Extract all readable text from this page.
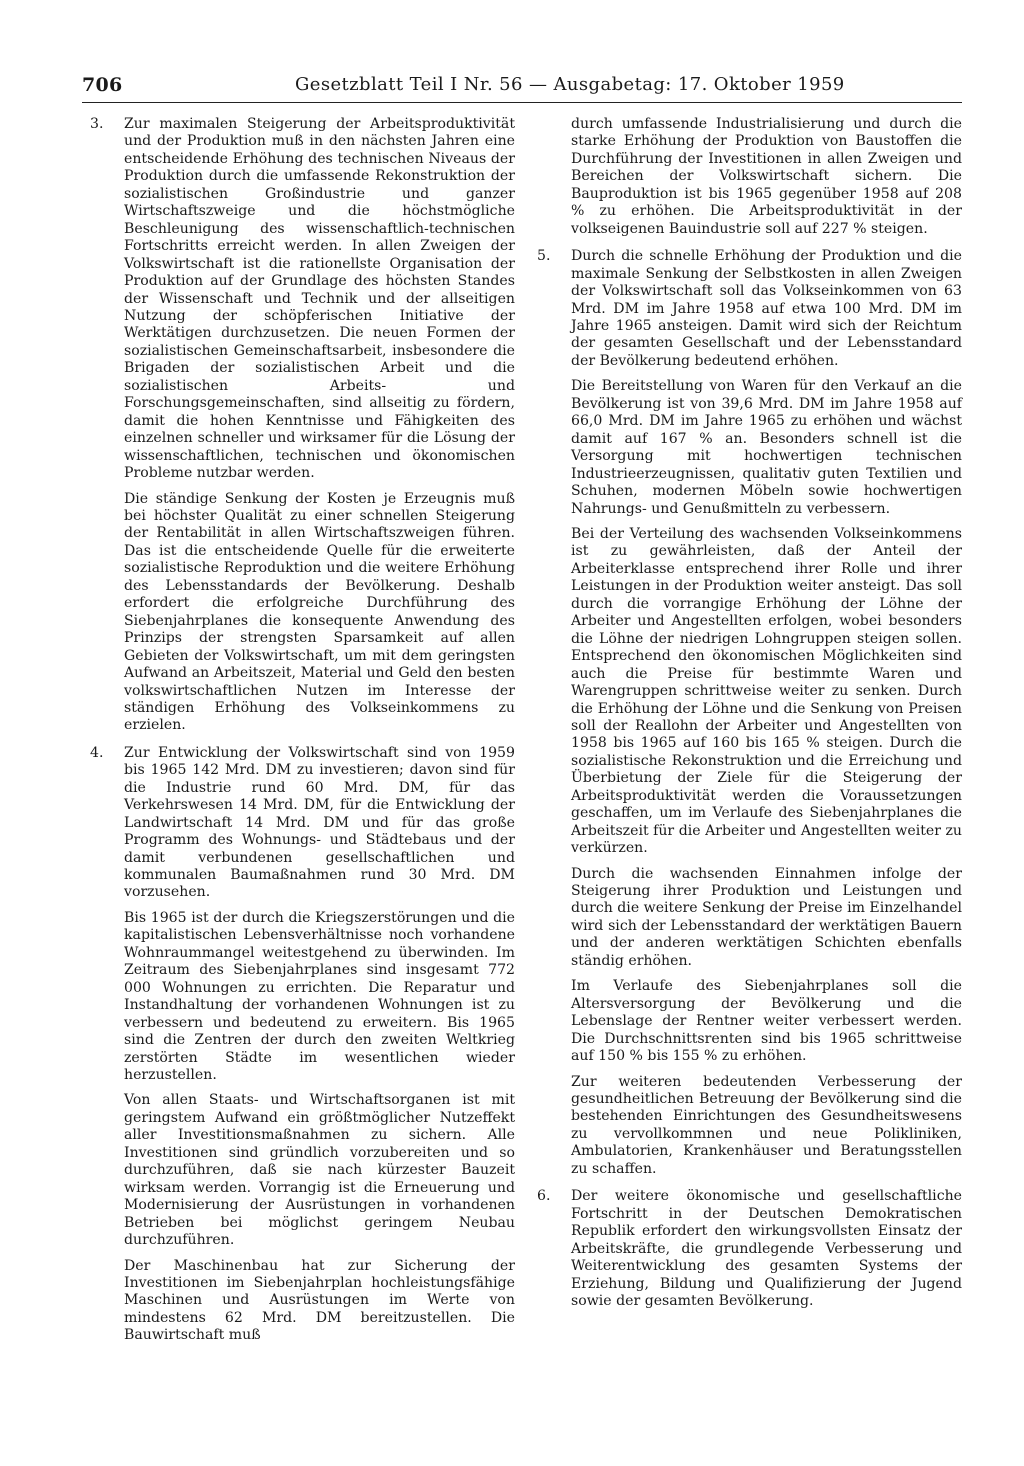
706	Gesetzblatt Teil I Nr. 56 — Ausgabetag: 17. Oktober 1959
3. Zur maximalen Steigerung der Arbeitsproduktivität und der Produktion muß in den nächsten Jahren eine entscheidende Erhöhung des technischen Niveaus der Produktion durch die umfassende Rekonstruktion der sozialistischen Großindustrie und ganzer Wirtschaftszweige und die höchstmögliche Beschleunigung des wissenschaftlich-technischen Fortschritts erreicht werden. In allen Zweigen der Volkswirtschaft ist die rationellste Organisation der Produktion auf der Grundlage des höchsten Standes der Wissenschaft und Technik und der allseitigen Nutzung der schöpferischen Initiative der Werktätigen durchzusetzen. Die neuen Formen der sozialistischen Gemeinschaftsarbeit, insbesondere die Brigaden der sozialistischen Arbeit und die sozialistischen Arbeits- und Forschungsgemeinschaften, sind allseitig zu fördern, damit die hohen Kenntnisse und Fähigkeiten des einzelnen schneller und wirksamer für die Lösung der wissenschaftlichen, technischen und ökonomischen Probleme nutzbar werden.
Die ständige Senkung der Kosten je Erzeugnis muß bei höchster Qualität zu einer schnellen Steigerung der Rentabilität in allen Wirtschaftszweigen führen. Das ist die entscheidende Quelle für die erweiterte sozialistische Reproduktion und die weitere Erhöhung des Lebensstandards der Bevölkerung. Deshalb erfordert die erfolgreiche Durchführung des Siebenjahrplanes die konsequente Anwendung des Prinzips der strengsten Sparsamkeit auf allen Gebieten der Volkswirtschaft, um mit dem geringsten Aufwand an Arbeitszeit, Material und Geld den besten volkswirtschaftlichen Nutzen im Interesse der ständigen Erhöhung des Volkseinkommens zu erzielen.
4. Zur Entwicklung der Volkswirtschaft sind von 1959 bis 1965 142 Mrd. DM zu investieren; davon sind für die Industrie rund 60 Mrd. DM, für das Verkehrswesen 14 Mrd. DM, für die Entwicklung der Landwirtschaft 14 Mrd. DM und für das große Programm des Wohnungs- und Städtebaus und der damit verbundenen gesellschaftlichen und kommunalen Baumaßnahmen rund 30 Mrd. DM vorzusehen.
Bis 1965 ist der durch die Kriegszerstörungen und die kapitalistischen Lebensverhältnisse noch vorhandene Wohnraummangel weitestgehend zu überwinden. Im Zeitraum des Siebenjahrplanes sind insgesamt 772 000 Wohnungen zu errichten. Die Reparatur und Instandhaltung der vorhandenen Wohnungen ist zu verbessern und bedeutend zu erweitern. Bis 1965 sind die Zentren der durch den zweiten Weltkrieg zerstörten Städte im wesentlichen wieder herzustellen.
Von allen Staats- und Wirtschaftsorganen ist mit geringstem Aufwand ein größtmöglicher Nutzeffekt aller Investitionsmaßnahmen zu sichern. Alle Investitionen sind gründlich vorzubereiten und so durchzuführen, daß sie nach kürzester Bauzeit wirksam werden. Vorrangig ist die Erneuerung und Modernisierung der Ausrüstungen in vorhandenen Betrieben bei möglichst geringem Neubau durchzuführen.
Der Maschinenbau hat zur Sicherung der Investitionen im Siebenjahrplan hochleistungsfähige Maschinen und Ausrüstungen im Werte von mindestens 62 Mrd. DM bereitzustellen. Die Bauwirtschaft muß
durch umfassende Industrialisierung und durch die starke Erhöhung der Produktion von Baustoffen die Durchführung der Investitionen in allen Zweigen und Bereichen der Volkswirtschaft sichern. Die Bauproduktion ist bis 1965 gegenüber 1958 auf 208 % zu erhöhen. Die Arbeitsproduktivität in der volkseigenen Bauindustrie soll auf 227 % steigen.
5. Durch die schnelle Erhöhung der Produktion und die maximale Senkung der Selbstkosten in allen Zweigen der Volkswirtschaft soll das Volkseinkommen von 63 Mrd. DM im Jahre 1958 auf etwa 100 Mrd. DM im Jahre 1965 ansteigen. Damit wird sich der Reichtum der gesamten Gesellschaft und der Lebensstandard der Bevölkerung bedeutend erhöhen.
Die Bereitstellung von Waren für den Verkauf an die Bevölkerung ist von 39,6 Mrd. DM im Jahre 1958 auf 66,0 Mrd. DM im Jahre 1965 zu erhöhen und wächst damit auf 167 % an. Besonders schnell ist die Versorgung mit hochwertigen technischen Industrieerzeugnissen, qualitativ guten Textilien und Schuhen, modernen Möbeln sowie hochwertigen Nahrungs- und Genußmitteln zu verbessern.
Bei der Verteilung des wachsenden Volkseinkommens ist zu gewährleisten, daß der Anteil der Arbeiterklasse entsprechend ihrer Rolle und ihrer Leistungen in der Produktion weiter ansteigt. Das soll durch die vorrangige Erhöhung der Löhne der Arbeiter und Angestellten erfolgen, wobei besonders die Löhne der niedrigen Lohngruppen steigen sollen. Entsprechend den ökonomischen Möglichkeiten sind auch die Preise für bestimmte Waren und Warengruppen schrittweise weiter zu senken. Durch die Erhöhung der Löhne und die Senkung von Preisen soll der Reallohn der Arbeiter und Angestellten von 1958 bis 1965 auf 160 bis 165 % steigen. Durch die sozialistische Rekonstruktion und die Erreichung und Überbietung der Ziele für die Steigerung der Arbeitsproduktivität werden die Voraussetzungen geschaffen, um im Verlaufe des Siebenjahrplanes die Arbeitszeit für die Arbeiter und Angestellten weiter zu verkürzen.
Durch die wachsenden Einnahmen infolge der Steigerung ihrer Produktion und Leistungen und durch die weitere Senkung der Preise im Einzelhandel wird sich der Lebensstandard der werktätigen Bauern und der anderen werktätigen Schichten ebenfalls ständig erhöhen.
Im Verlaufe des Siebenjahrplanes soll die Altersversorgung der Bevölkerung und die Lebenslage der Rentner weiter verbessert werden. Die Durchschnittsrenten sind bis 1965 schrittweise auf 150 % bis 155 % zu erhöhen.
Zur weiteren bedeutenden Verbesserung der gesundheitlichen Betreuung der Bevölkerung sind die bestehenden Einrichtungen des Gesundheitswesens zu vervollkommnen und neue Polikliniken, Ambulatorien, Krankenhäuser und Beratungsstellen zu schaffen.
6. Der weitere ökonomische und gesellschaftliche Fortschritt in der Deutschen Demokratischen Republik erfordert den wirkungsvollsten Einsatz der Arbeitskräfte, die grundlegende Verbesserung und Weiterentwicklung des gesamten Systems der Erziehung, Bildung und Qualifizierung der Jugend sowie der gesamten Bevölkerung.
